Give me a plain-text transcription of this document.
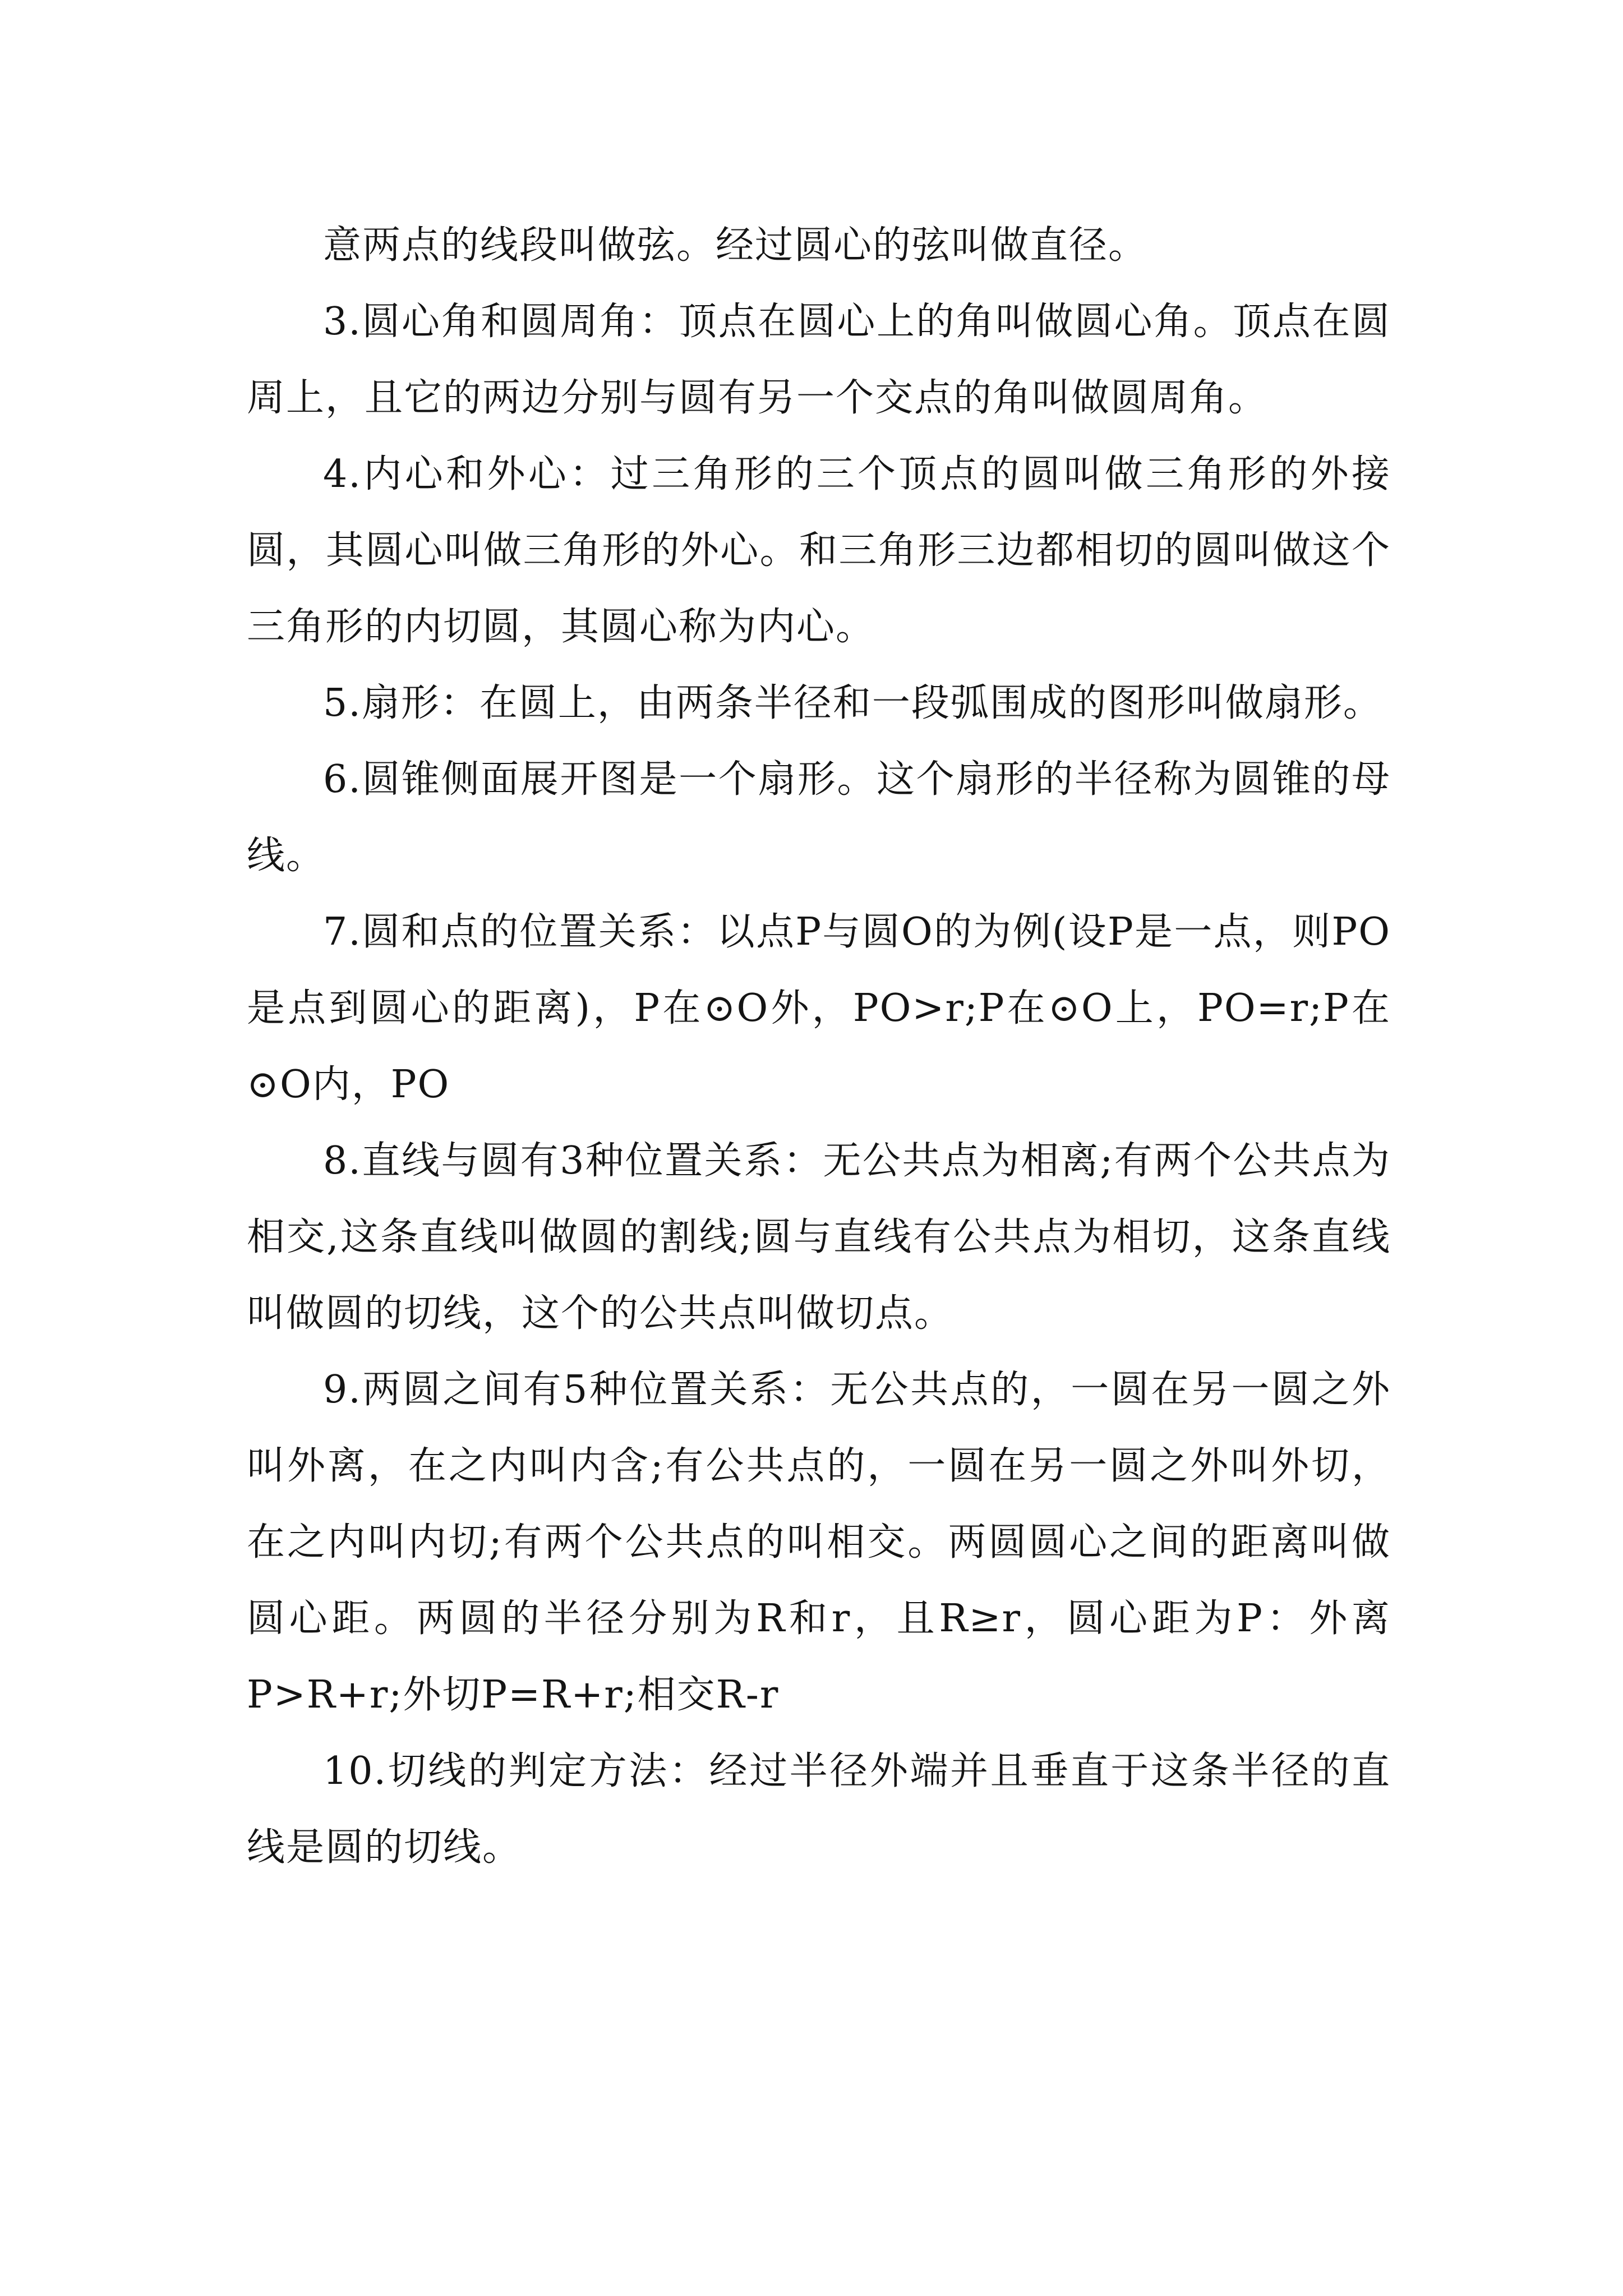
意两点的线段叫做弦。经过圆心的弦叫做直径。

3.圆心角和圆周角：顶点在圆心上的角叫做圆心角。顶点在圆周上，且它的两边分别与圆有另一个交点的角叫做圆周角。

4.内心和外心：过三角形的三个顶点的圆叫做三角形的外接圆，其圆心叫做三角形的外心。和三角形三边都相切的圆叫做这个三角形的内切圆，其圆心称为内心。

5.扇形：在圆上，由两条半径和一段弧围成的图形叫做扇形。

6.圆锥侧面展开图是一个扇形。这个扇形的半径称为圆锥的母线。

7.圆和点的位置关系：以点P与圆O的为例(设P是一点，则PO是点到圆心的距离)，P在⊙O外，PO>r;P在⊙O上，PO=r;P在⊙O内，PO

8.直线与圆有3种位置关系：无公共点为相离;有两个公共点为相交,这条直线叫做圆的割线;圆与直线有公共点为相切，这条直线叫做圆的切线，这个的公共点叫做切点。

9.两圆之间有5种位置关系：无公共点的，一圆在另一圆之外叫外离，在之内叫内含;有公共点的，一圆在另一圆之外叫外切，在之内叫内切;有两个公共点的叫相交。两圆圆心之间的距离叫做圆心距。两圆的半径分别为R和r，且R≥r，圆心距为P：外离P>R+r;外切P=R+r;相交R-r

10.切线的判定方法：经过半径外端并且垂直于这条半径的直线是圆的切线。
